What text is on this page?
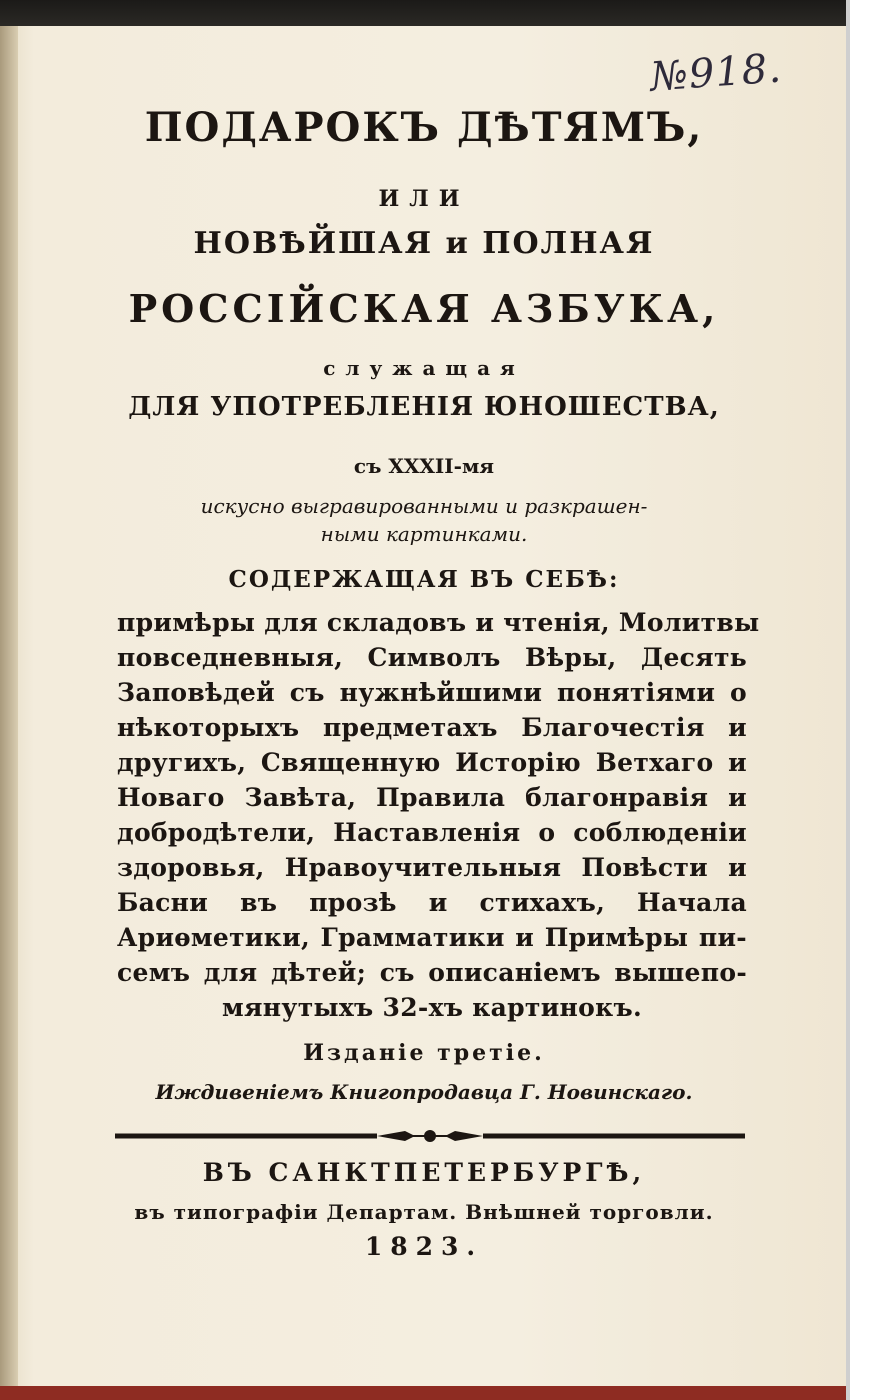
№918.
ПОДАРОКЪ ДѢТЯМЪ,
ИЛИ
НОВѢЙШАЯ и ПОЛНАЯ
РОССІЙСКАЯ АЗБУКА,
служащая
ДЛЯ УПОТРЕБЛЕНІЯ ЮНОШЕСТВА,
съ XXXII-мя
искусно выгравированными и разкрашен-
ными картинками.
СОДЕРЖАЩАЯ ВЪ СЕБѢ:
примѣры для складовъ и чтенія, Молитвы
повседневныя, Символъ Вѣры, Десять
Заповѣдей съ нужнѣйшими понятіями о
нѣкоторыхъ предметахъ Благочестія и
другихъ, Священную Исторію Ветхаго и
Новаго Завѣта, Правила благонравія и
добродѣтели, Наставленія о соблюденіи
здоровья, Нравоучительныя Повѣсти и
Басни въ прозѣ и стихахъ, Начала
Ариѳметики, Грамматики и Примѣры пи-
семъ для дѣтей; съ описаніемъ вышепо-
мянутыхъ 32-хъ картинокъ.
Изданіе третіе.
Иждивеніемъ Книгопродавца Г. Новинскаго.
ВЪ САНКТПЕТЕРБУРГѢ,
въ типографіи Департам. Внѣшней торговли.
1823.
